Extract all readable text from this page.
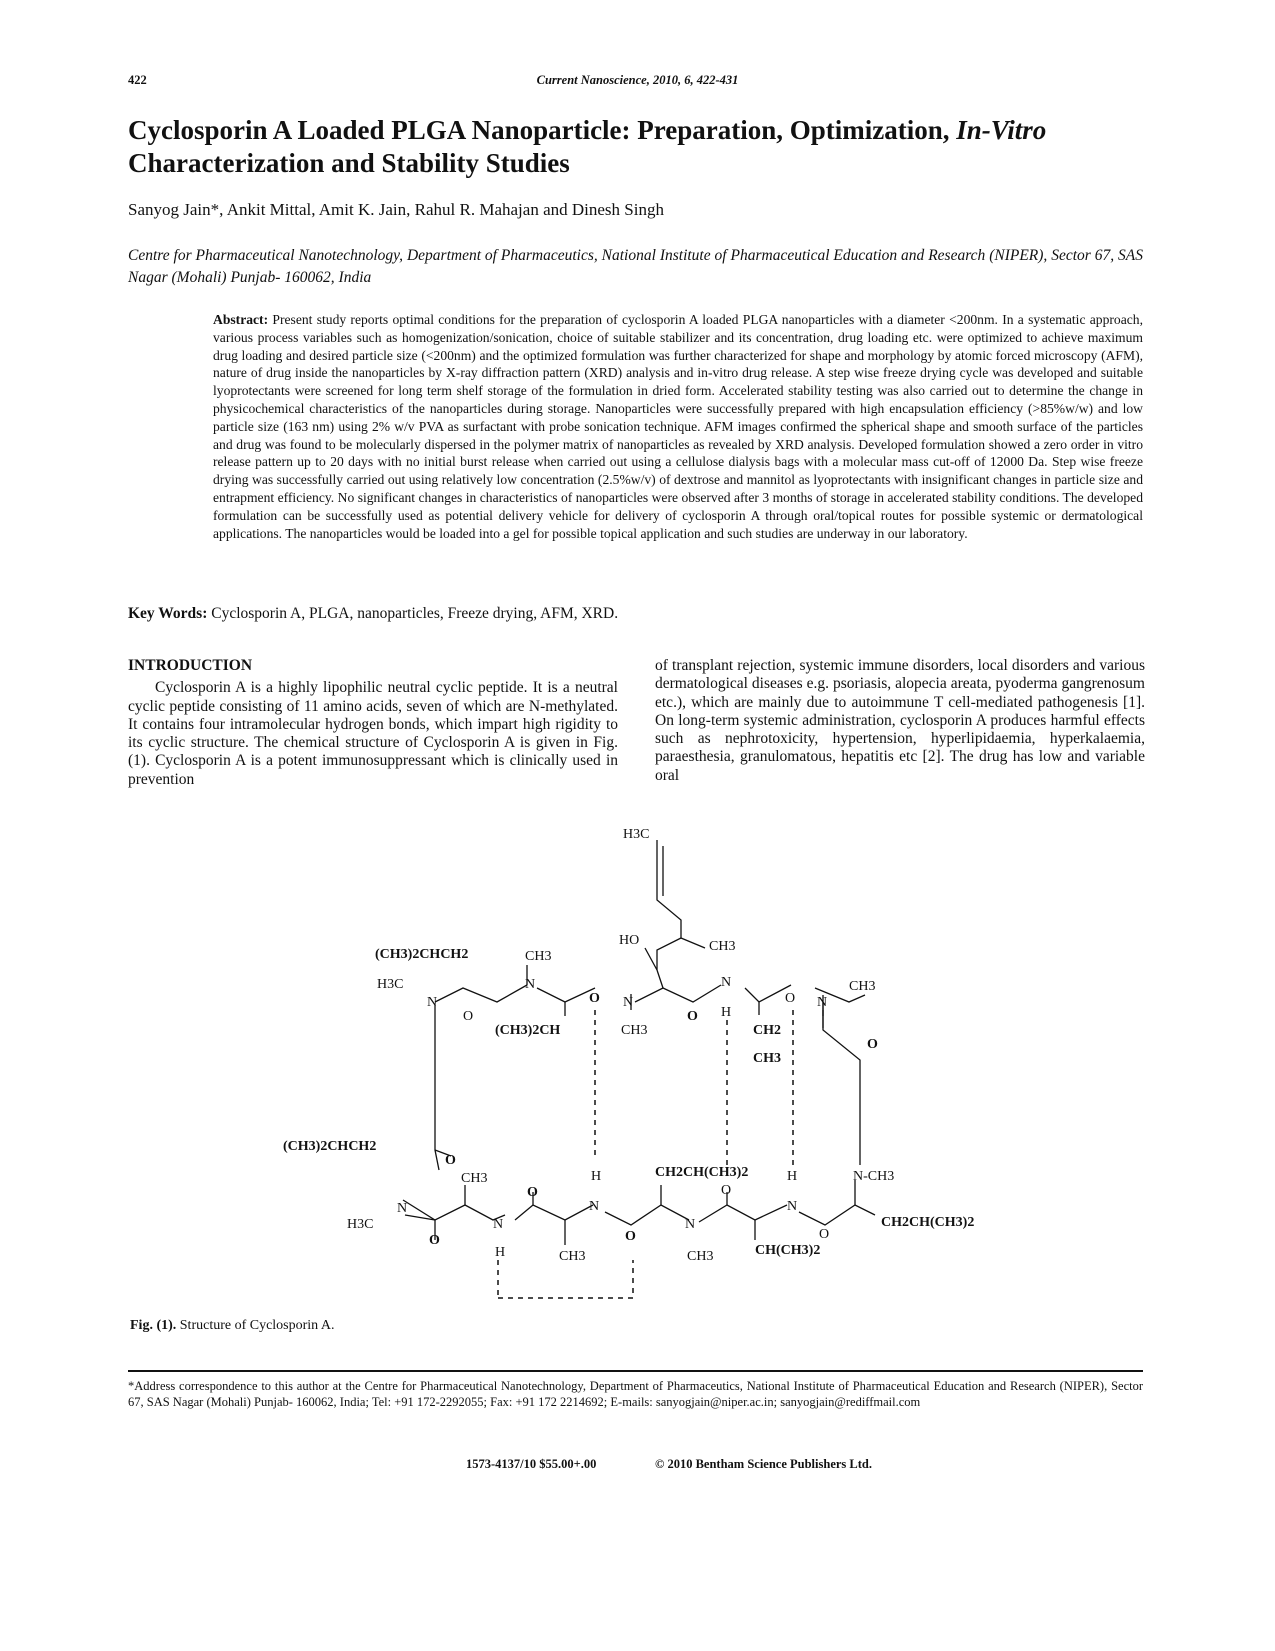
422	Current Nanoscience, 2010, 6, 422-431
Cyclosporin A Loaded PLGA Nanoparticle: Preparation, Optimization, In-Vitro
Characterization and Stability Studies
Sanyog Jain*, Ankit Mittal, Amit K. Jain, Rahul R. Mahajan and Dinesh Singh
Centre for Pharmaceutical Nanotechnology, Department of Pharmaceutics, National Institute of Pharmaceutical Education and Research (NIPER), Sector 67, SAS Nagar (Mohali) Punjab- 160062, India
Abstract: Present study reports optimal conditions for the preparation of cyclosporin A loaded PLGA nanoparticles with a diameter <200nm. In a systematic approach, various process variables such as homogenization/sonication, choice of suitable stabilizer and its concentration, drug loading etc. were optimized to achieve maximum drug loading and desired particle size (<200nm) and the optimized formulation was further characterized for shape and morphology by atomic forced microscopy (AFM), nature of drug inside the nanoparticles by X-ray diffraction pattern (XRD) analysis and in-vitro drug release. A step wise freeze drying cycle was developed and suitable lyoprotectants were screened for long term shelf storage of the formulation in dried form. Accelerated stability testing was also carried out to determine the change in physicochemical characteristics of the nanoparticles during storage. Nanoparticles were successfully prepared with high encapsulation efficiency (>85%w/w) and low particle size (163 nm) using 2% w/v PVA as surfactant with probe sonication technique. AFM images confirmed the spherical shape and smooth surface of the particles and drug was found to be molecularly dispersed in the polymer matrix of nanoparticles as revealed by XRD analysis. Developed formulation showed a zero order in vitro release pattern up to 20 days with no initial burst release when carried out using a cellulose dialysis bags with a molecular mass cut-off of 12000 Da. Step wise freeze drying was successfully carried out using relatively low concentration (2.5%w/v) of dextrose and mannitol as lyoprotectants with insignificant changes in particle size and entrapment efficiency. No significant changes in characteristics of nanoparticles were observed after 3 months of storage in accelerated stability conditions. The developed formulation can be successfully used as potential delivery vehicle for delivery of cyclosporin A through oral/topical routes for possible systemic or dermatological applications. The nanoparticles would be loaded into a gel for possible topical application and such studies are underway in our laboratory.
Key Words: Cyclosporin A, PLGA, nanoparticles, Freeze drying, AFM, XRD.
INTRODUCTION

Cyclosporin A is a highly lipophilic neutral cyclic peptide. It is a neutral cyclic peptide consisting of 11 amino acids, seven of which are N-methylated. It contains four intramolecular hydrogen bonds, which impart high rigidity to its cyclic structure. The chemical structure of Cyclosporin A is given in Fig. (1). Cyclosporin A is a potent immunosuppressant which is clinically used in prevention

of transplant rejection, systemic immune disorders, local disorders and various dermatological diseases e.g. psoriasis, alopecia areata, pyoderma gangrenosum etc.), which are mainly due to autoimmune T cell-mediated pathogenesis [1]. On long-term systemic administration, cyclosporin A produces harmful effects such as nephrotoxicity, hypertension, hyperlipidaemia, hyperkalaemia, paraesthesia, granulomatous, hepatitis etc [2]. The drug has low and variable oral

H3C
HO	CH3
(CH3)2CHCH2	CH3
H3C
N
N
N
N
H
N
CH3
O
O
O
O
O
(CH3)2CH	CH3	CH2
CH3
(CH3)2CHCH2
O
N
H3C
O
CH3
N
H
O
CH3
H
N
O
CH2CH(CH3)2
N
CH3
O
CH(CH3)2
H
N
O
N-CH3
CH2CH(CH3)2
Fig. (1). Structure of Cyclosporin A.
*Address correspondence to this author at the Centre for Pharmaceutical Nanotechnology, Department of Pharmaceutics, National Institute of Pharmaceutical Education and Research (NIPER), Sector 67, SAS Nagar (Mohali) Punjab- 160062, India; Tel: +91 172-2292055; Fax: +91 172 2214692; E-mails: sanyogjain@niper.ac.in; sanyogjain@rediffmail.com
1573-4137/10 $55.00+.00	© 2010 Bentham Science Publishers Ltd.
